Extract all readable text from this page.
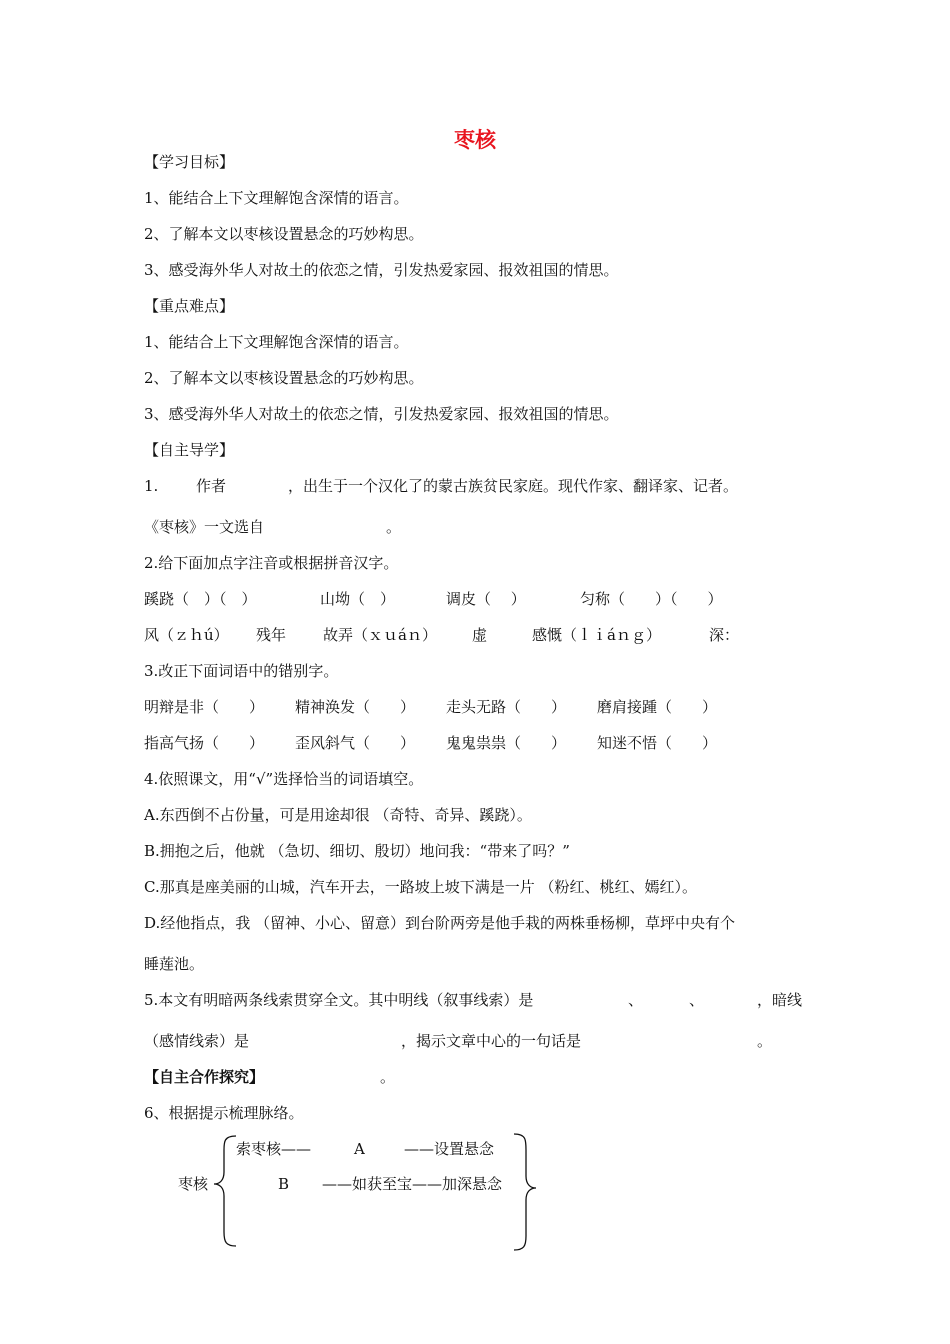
枣核
【学习目标】
1、能结合上下文理解饱含深情的语言。
2、了解本文以枣核设置悬念的巧妙构思。
3、感受海外华人对故土的依恋之情，引发热爱家园、报效祖国的情思。
【重点难点】
1、能结合上下文理解饱含深情的语言。
2、了解本文以枣核设置悬念的巧妙构思。
3、感受海外华人对故土的依恋之情，引发热爱家园、报效祖国的情思。
【自主导学】
1.	作者	，出生于一个汉化了的蒙古族贫民家庭。现代作家、翻译家、记者。
《枣核》一文选自	。
2.给下面加点字注音或根据拼音汉字。
蹊跷（　）（　）	山坳（　）	调皮（　 ）	匀称（　　）（　　）
风（ｚｈú） 残年 故弄（ｘｕáｎ） 虚	感慨（ｌｉáｎｇ）	深：
3.改正下面词语中的错别字。
明辩是非（　　） 精神涣发（　　） 走头无路（　　） 磨肩接踵（　　）
指高气扬（　　） 歪风斜气（　　） 鬼鬼祟祟（　　） 知迷不悟（　　）
4.依照课文，用“√”选择恰当的词语填空。
A.东西倒不占份量，可是用途却很 （奇特、奇异、蹊跷）。
B.拥抱之后，他就 （急切、细切、殷切）地问我：“带来了吗？”
C.那真是座美丽的山城，汽车开去，一路坡上坡下满是一片 （粉红、桃红、嫣红）。
D.经他指点，我 （留神、小心、留意）到台阶两旁是他手栽的两株垂杨柳，草坪中央有个
睡莲池。
5.本文有明暗两条线索贯穿全文。其中明线（叙事线索）是	、	、	，暗线
（感情线索）是	，揭示文章中心的一句话是	。
【自主合作探究】	。
6、根据提示梳理脉络。
枣核
索枣核——	A	——设置悬念
B ——如获至宝——加深悬念
